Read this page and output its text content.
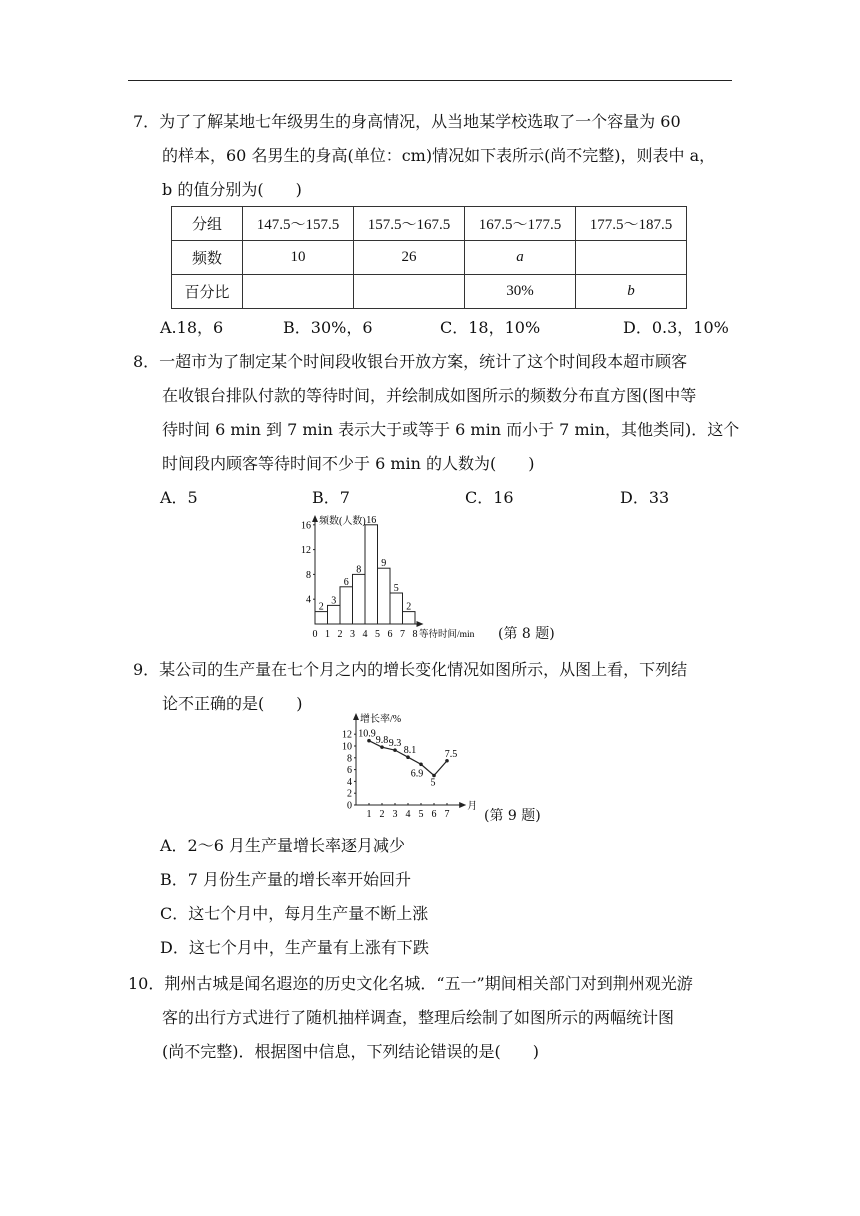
7．为了了解某地七年级男生的身高情况，从当地某学校选取了一个容量为 60
的样本，60 名男生的身高(单位：cm)情况如下表所示(尚不完整)，则表中 a，
b 的值分别为(　　)
分组	147.5～157.5	157.5～167.5	167.5～177.5	177.5～187.5
频数	10	26	a	
百分比			30%	b
A.18，6	B．30%，6	C．18，10%	D．0.3，10%
8．一超市为了制定某个时间段收银台开放方案，统计了这个时间段本超市顾客
在收银台排队付款的等待时间，并绘制成如图所示的频数分布直方图(图中等
待时间 6 min 到 7 min 表示大于或等于 6 min 而小于 7 min，其他类同)．这个
时间段内顾客等待时间不少于 6 min 的人数为(　　)
A．5	B．7	C．16	D．33
2
3
6
8
16
9
5
2
4
8
12
16
0 1 2 3 4 5 6 7 8
频数(人数)
等待时间/min (第 8 题)
9．某公司的生产量在七个月之内的增长变化情况如图所示，从图上看，下列结
论不正确的是(　　)
0
2
4
6
8
10
12
1 2 3 4 5 6 7
10.9
9.8 9.3
8.1
6.9
5
7.5
增长率/%
月
(第 9 题)
A．2～6 月生产量增长率逐月减少
B．7 月份生产量的增长率开始回升
C．这七个月中，每月生产量不断上涨
D．这七个月中，生产量有上涨有下跌
10．荆州古城是闻名遐迩的历史文化名城．“五一”期间相关部门对到荆州观光游
客的出行方式进行了随机抽样调查，整理后绘制了如图所示的两幅统计图
(尚不完整)．根据图中信息，下列结论错误的是(　　)
